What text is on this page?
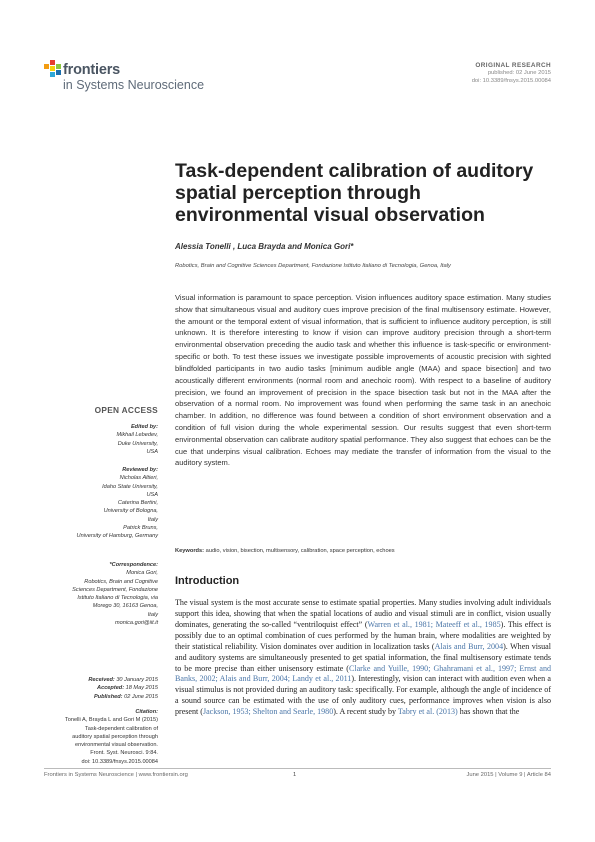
frontiers
in Systems Neuroscience
ORIGINAL RESEARCH
published: 02 June 2015
doi: 10.3389/fnsys.2015.00084
Task-dependent calibration of auditory spatial perception through environmental visual observation
Alessia Tonelli , Luca Brayda and Monica Gori*
Robotics, Brain and Cognitive Sciences Department, Fondazione Istituto Italiano di Tecnologia, Genoa, Italy
Visual information is paramount to space perception. Vision influences auditory space estimation. Many studies show that simultaneous visual and auditory cues improve precision of the final multisensory estimate. However, the amount or the temporal extent of visual information, that is sufficient to influence auditory perception, is still unknown. It is therefore interesting to know if vision can improve auditory precision through a short-term environmental observation preceding the audio task and whether this influence is task-specific or environment-specific or both. To test these issues we investigate possible improvements of acoustic precision with sighted blindfolded participants in two audio tasks [minimum audible angle (MAA) and space bisection] and two acoustically different environments (normal room and anechoic room). With respect to a baseline of auditory precision, we found an improvement of precision in the space bisection task but not in the MAA after the observation of a normal room. No improvement was found when performing the same task in an anechoic chamber. In addition, no difference was found between a condition of short environment observation and a condition of full vision during the whole experimental session. Our results suggest that even short-term environmental observation can calibrate auditory spatial performance. They also suggest that echoes can be the cue that underpins visual calibration. Echoes may mediate the transfer of information from the visual to the auditory system.
Keywords: audio, vision, bisection, multisensory, calibration, space perception, echoes
Introduction
The visual system is the most accurate sense to estimate spatial properties. Many studies involving adult individuals support this idea, showing that when the spatial locations of audio and visual stimuli are in conflict, vision usually dominates, generating the so-called “ventriloquist effect” (Warren et al., 1981; Mateeff et al., 1985). This effect is possibly due to an optimal combination of cues performed by the human brain, where modalities are weighted by their statistical reliability. Vision dominates over audition in localization tasks (Alais and Burr, 2004). When visual and auditory systems are simultaneously presented to get spatial information, the final multisensory estimate tends to be more precise than either unisensory estimate (Clarke and Yuille, 1990; Ghahramani et al., 1997; Ernst and Banks, 2002; Alais and Burr, 2004; Landy et al., 2011). Interestingly, vision can interact with audition even when a visual stimulus is not provided during an auditory task: specifically. For example, although the angle of incidence of a sound source can be estimated with the use of only auditory cues, performance improves when vision is also present (Jackson, 1953; Shelton and Searle, 1980). A recent study by Tabry et al. (2013) has shown that the
OPEN ACCESS
Edited by:
Mikhail Lebedev,
Duke University,
USA
Reviewed by:
Nicholas Altieri,
Idaho State University,
USA
Caterina Bertini,
University of Bologna,
Italy
Patrick Bruns,
University of Hamburg, Germany
*Correspondence:
Monica Gori,
Robotics, Brain and Cognitive
Sciences Department, Fondazione
Istituto Italiano di Tecnologia, via
Morego 30, 16163 Genoa,
Italy
monica.gori@iit.it
Received: 30 January 2015
Accepted: 18 May 2015
Published: 02 June 2015
Citation:
Tonelli A, Brayda L and Gori M (2015)
Task-dependent calibration of
auditory spatial perception through
environmental visual observation.
Front. Syst. Neurosci. 9:84.
doi: 10.3389/fnsys.2015.00084
Frontiers in Systems Neuroscience | www.frontiersin.org	1	June 2015 | Volume 9 | Article 84
